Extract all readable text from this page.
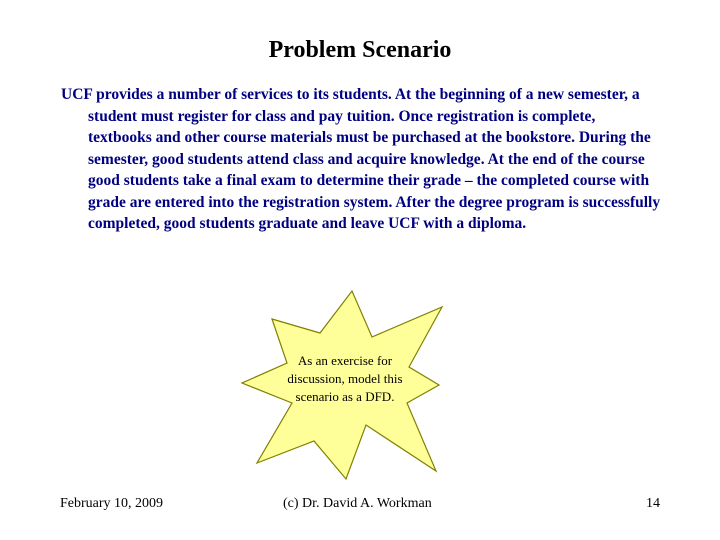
Problem Scenario

UCF provides a number of services to its students. At the beginning of a new semester, a student must register for class and pay tuition. Once registration is complete, textbooks and other course materials must be purchased at the bookstore. During the semester, good students attend class and acquire knowledge. At the end of the course good students take a final exam to determine their grade – the completed course with grade are entered into the registration system. After the degree program is successfully completed, good students graduate and leave UCF with a diploma.

As an exercise for discussion, model this scenario as a DFD.
February 10, 2009	(c) Dr. David A. Workman	14
